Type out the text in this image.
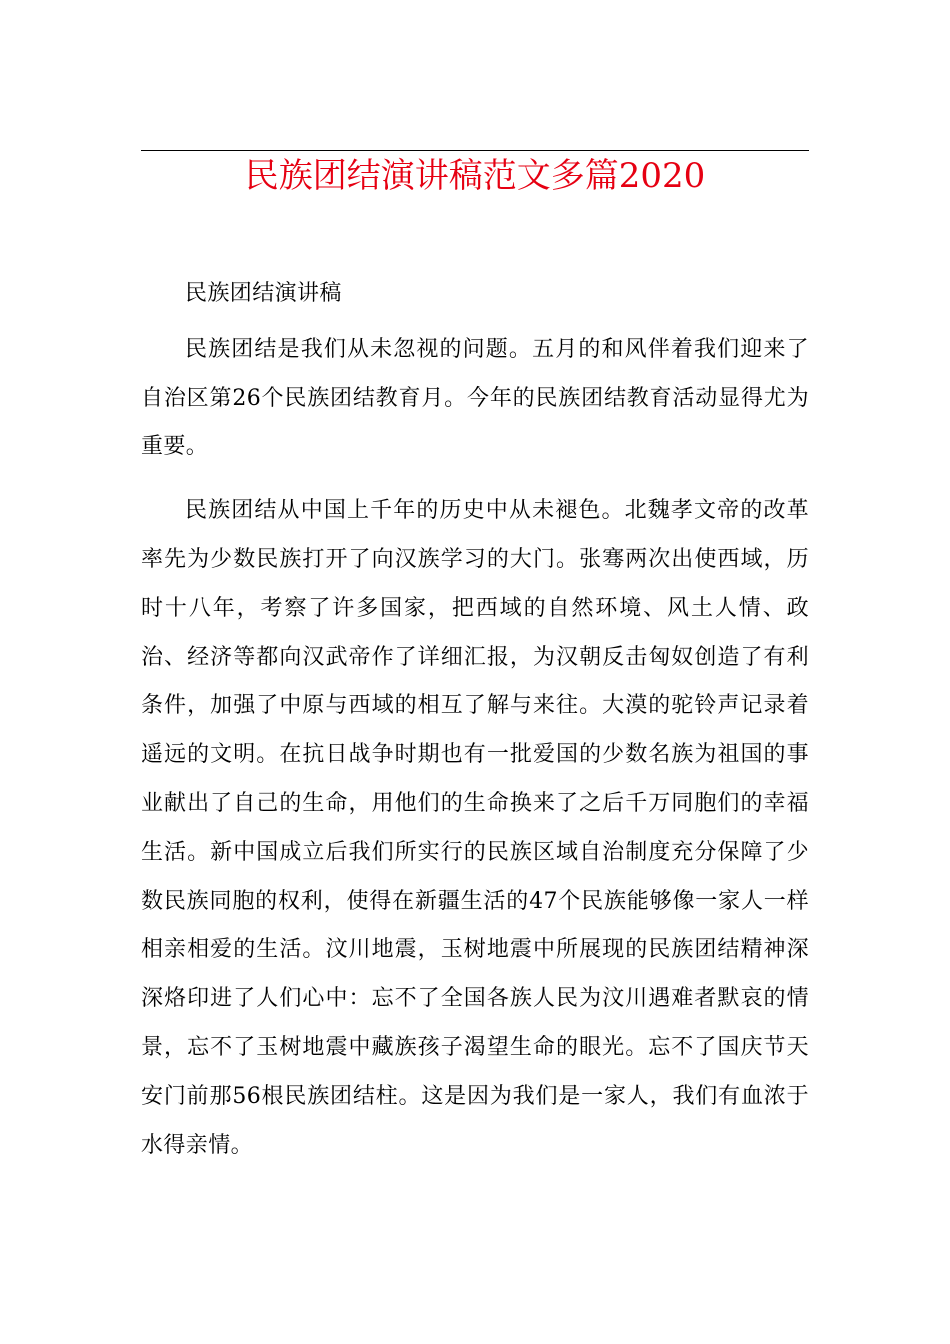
民族团结演讲稿范文多篇2020

民族团结演讲稿

民族团结是我们从未忽视的问题。五月的和风伴着我们迎来了自治区第26个民族团结教育月。今年的民族团结教育活动显得尤为重要。

民族团结从中国上千年的历史中从未褪色。北魏孝文帝的改革率先为少数民族打开了向汉族学习的大门。张骞两次出使西域，历时十八年，考察了许多国家，把西域的自然环境、风土人情、政治、经济等都向汉武帝作了详细汇报，为汉朝反击匈奴创造了有利条件，加强了中原与西域的相互了解与来往。大漠的驼铃声记录着遥远的文明。在抗日战争时期也有一批爱国的少数名族为祖国的事业献出了自己的生命，用他们的生命换来了之后千万同胞们的幸福生活。新中国成立后我们所实行的民族区域自治制度充分保障了少数民族同胞的权利，使得在新疆生活的47个民族能够像一家人一样相亲相爱的生活。汶川地震，玉树地震中所展现的民族团结精神深深烙印进了人们心中：忘不了全国各族人民为汶川遇难者默哀的情景，忘不了玉树地震中藏族孩子渴望生命的眼光。忘不了国庆节天安门前那56根民族团结柱。这是因为我们是一家人，我们有血浓于水得亲情。
